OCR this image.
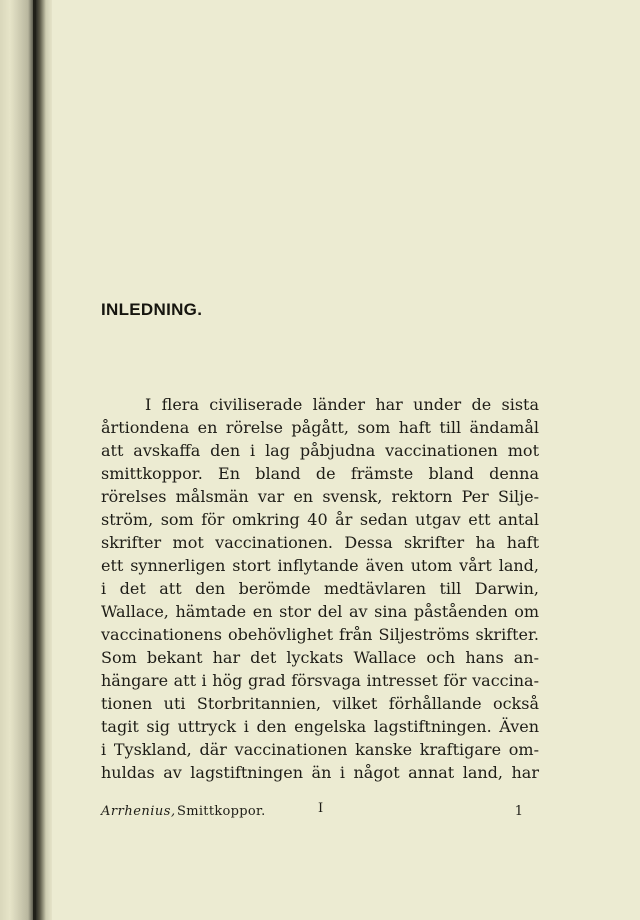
INLEDNING.
I flera civiliserade länder har under de sista
årtiondena en rörelse pågått, som haft till ändamål
att avskaffa den i lag påbjudna vaccinationen mot
smittkoppor. En bland de främste bland denna
rörelses målsmän var en svensk, rektorn Per Silje-
ström, som för omkring 40 år sedan utgav ett antal
skrifter mot vaccinationen. Dessa skrifter ha haft
ett synnerligen stort inflytande även utom vårt land,
i det att den berömde medtävlaren till Darwin,
Wallace, hämtade en stor del av sina påståenden om
vaccinationens obehövlighet från Siljeströms skrifter.
Som bekant har det lyckats Wallace och hans an-
hängare att i hög grad försvaga intresset för vaccina-
tionen uti Storbritannien, vilket förhållande också
tagit sig uttryck i den engelska lagstiftningen. Även
i Tyskland, där vaccinationen kanske kraftigare om-
huldas av lagstiftningen än i något annat land, har
Arrhenius, Smittkoppor.	I	1
